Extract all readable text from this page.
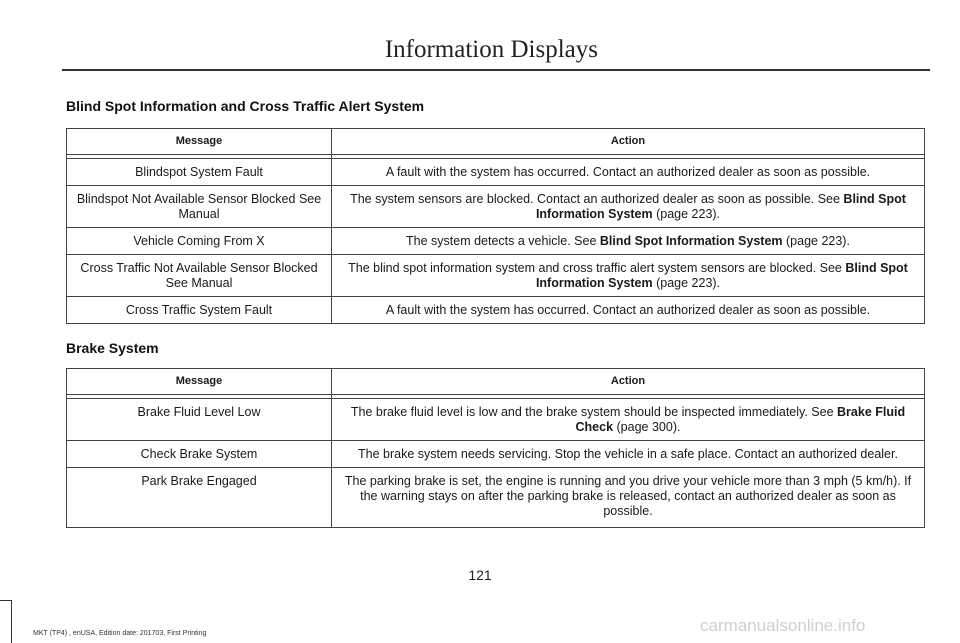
Information Displays
Blind Spot Information and Cross Traffic Alert System
Message	Action

Blindspot System Fault	A fault with the system has occurred. Contact an authorized dealer as soon as possible.
Blindspot Not Available Sensor Blocked See Manual	The system sensors are blocked. Contact an authorized dealer as soon as possible. See Blind Spot Information System (page 223).
Vehicle Coming From X	The system detects a vehicle. See Blind Spot Information System (page 223).
Cross Traffic Not Available Sensor Blocked See Manual	The blind spot information system and cross traffic alert system sensors are blocked. See Blind Spot Information System (page 223).
Cross Traffic System Fault	A fault with the system has occurred. Contact an authorized dealer as soon as possible.
Brake System
Message	Action

Brake Fluid Level Low	The brake fluid level is low and the brake system should be inspected immediately. See Brake Fluid Check (page 300).
Check Brake System	The brake system needs servicing. Stop the vehicle in a safe place. Contact an authorized dealer.
Park Brake Engaged	The parking brake is set, the engine is running and you drive your vehicle more than 3 mph (5 km/h). If the warning stays on after the parking brake is released, contact an authorized dealer as soon as possible.
121
carmanualsonline.info
MKT (TP4) , enUSA, Edition date: 201703, First Printing
